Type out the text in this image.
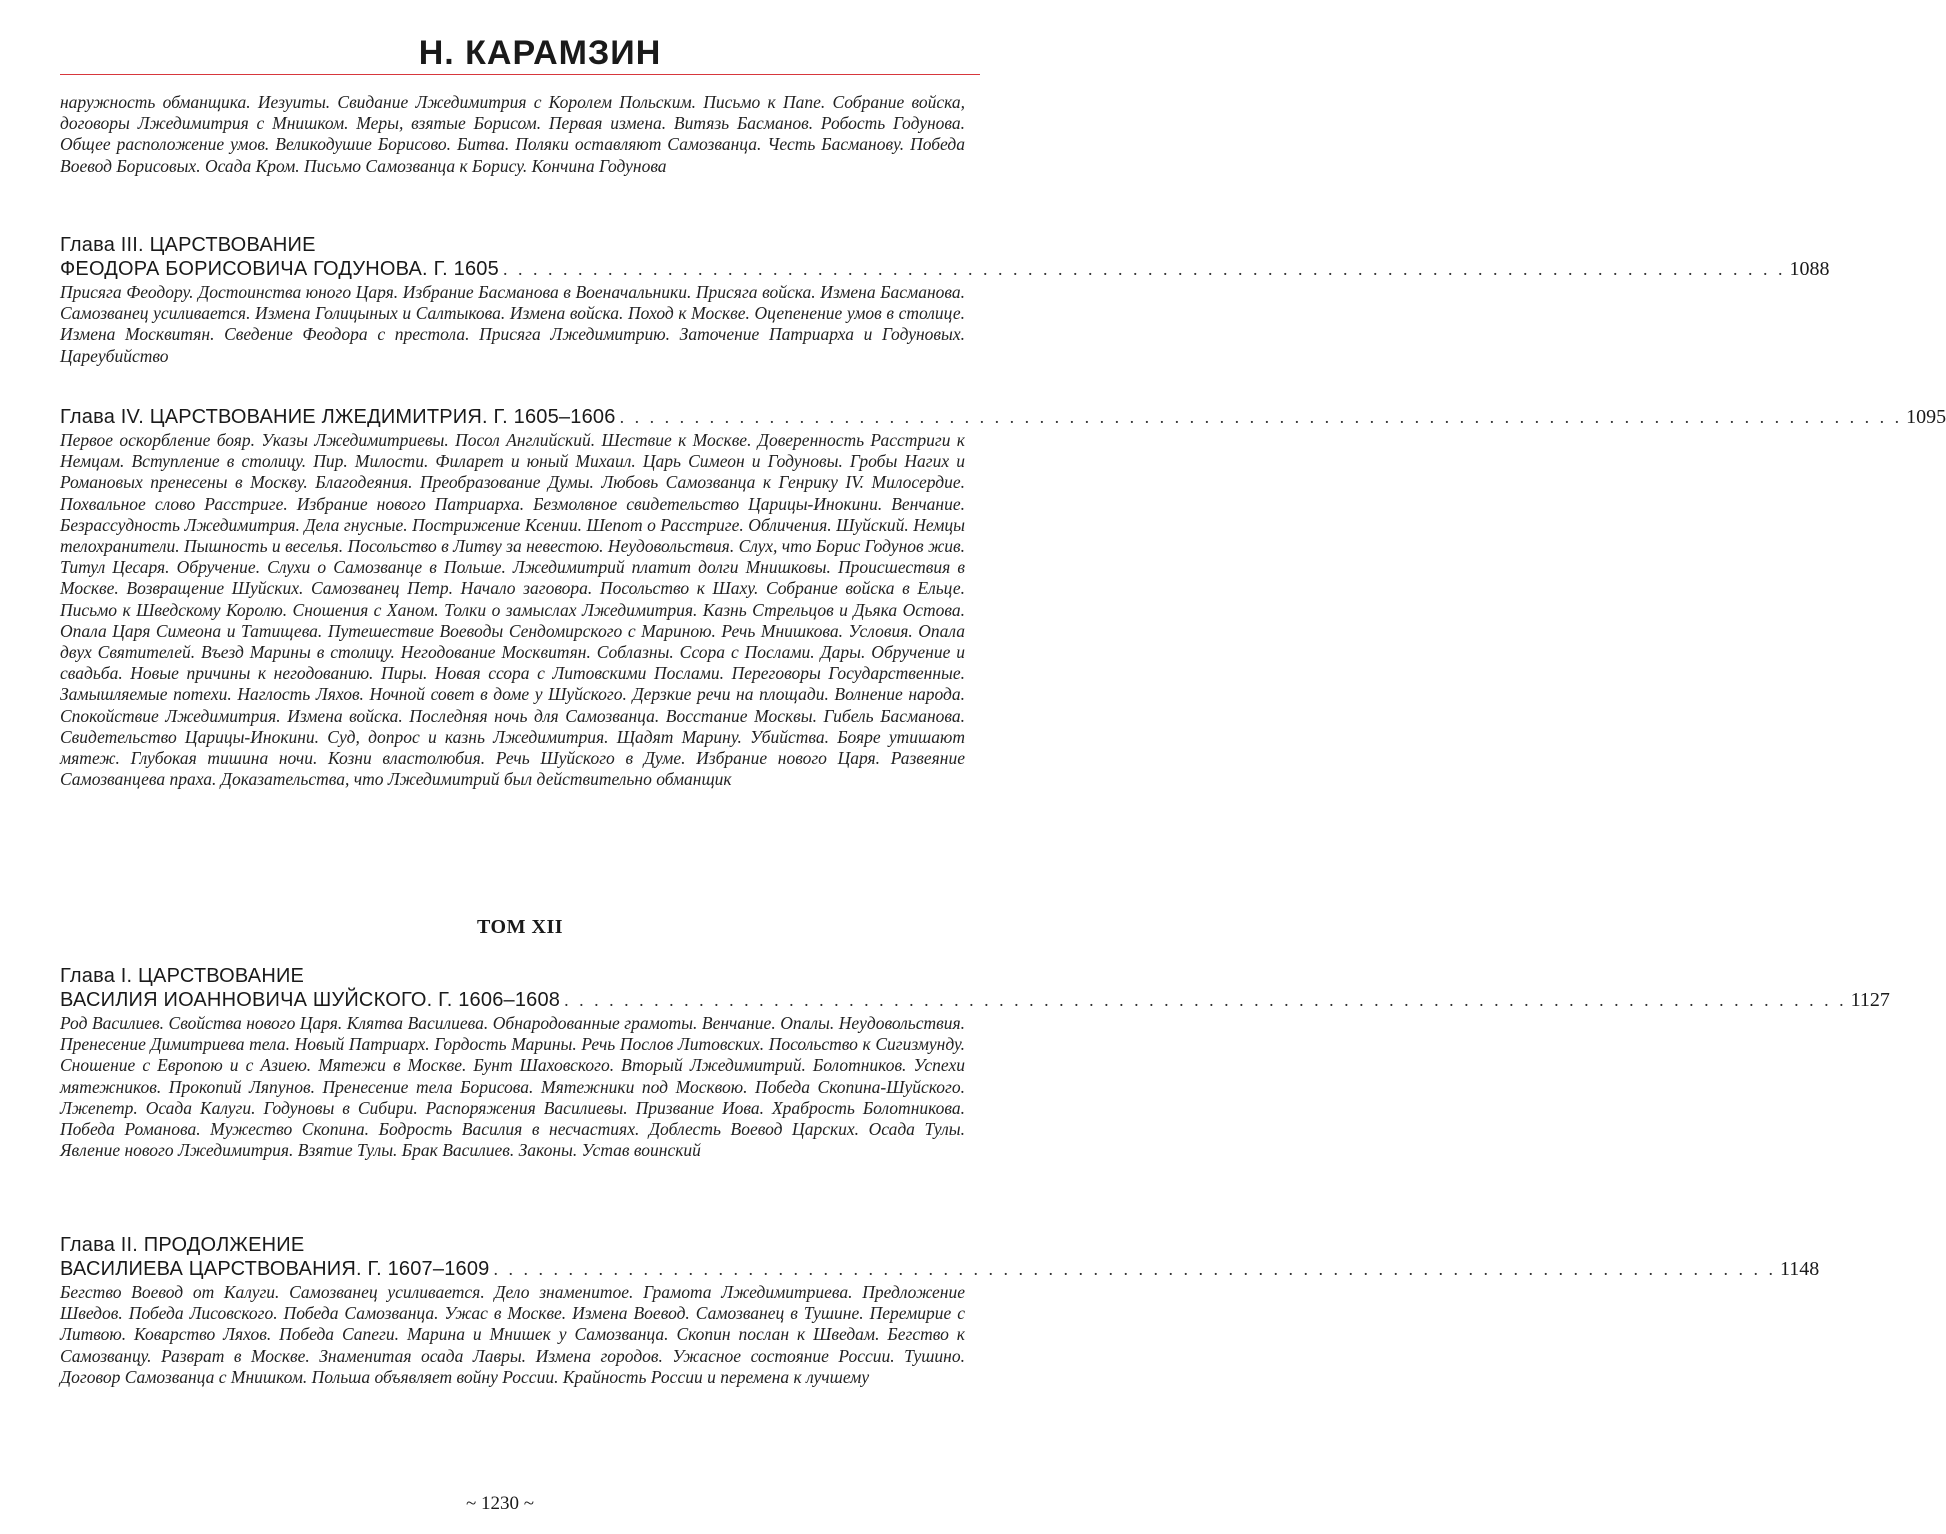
Н. КАРАМЗИН

наружность обманщика. Иезуиты. Свидание Лжедимитрия с Королем Польским. Письмо к Папе. Собрание войска, договоры Лжедимитрия с Мнишком. Меры, взятые Борисом. Первая измена. Витязь Басманов. Робость Годунова. Общее расположение умов. Великодушие Борисово. Битва. Поляки оставляют Самозванца. Честь Басманову. Победа Воевод Борисовых. Осада Кром. Письмо Самозванца к Борису. Кончина Годунова

Глава III. ЦАРСТВОВАНИЕ
ФЕОДОРА БОРИСОВИЧА ГОДУНОВА. Г. 1605 . . . . . . . . . . . . . . . . . . . . . . . . . . . . . . . . . . . . . . . . . . . . . . . . . . . . . . . . . . . . . . . . . . . . . . . . . . . . . . . . . . . . . . 1088

Присяга Феодору. Достоинства юного Царя. Избрание Басманова в Военачальники. Присяга войска. Измена Басманова. Самозванец усиливается. Измена Голицыных и Салтыкова. Измена войска. Поход к Москве. Оцепенение умов в столице. Измена Москвитян. Сведение Феодора с престола. Присяга Лжедимитрию. Заточение Патриарха и Годуновых. Цареубийство

Глава IV. ЦАРСТВОВАНИЕ ЛЖЕДИМИТРИЯ. Г. 1605–1606 . . . . . . . . . . . . . . . . . . . . . . . . . . . . . . . . . . . . . . . . . . . . . . . . . . . . . . . . . . . . . . . . . . . . . . . . . . . . . . . . . . . . . . 1095

Первое оскорбление бояр. Указы Лжедимитриевы. Посол Английский. Шествие к Москве. Доверенность Расстриги к Немцам. Вступление в столицу. Пир. Милости. Филарет и юный Михаил. Царь Симеон и Годуновы. Гробы Нагих и Романовых пренесены в Москву. Благодеяния. Преобразование Думы. Любовь Самозванца к Генрику IV. Милосердие. Похвальное слово Расстриге. Избрание нового Патриарха. Безмолвное свидетельство Царицы-Инокини. Венчание. Безрассудность Лжедимитрия. Дела гнусные. Пострижение Ксении. Шепот о Расстриге. Обличения. Шуйский. Немцы телохранители. Пышность и веселья. Посольство в Литву за невестою. Неудовольствия. Слух, что Борис Годунов жив. Титул Цесаря. Обручение. Слухи о Самозванце в Польше. Лжедимитрий платит долги Мнишковы. Происшествия в Москве. Возвращение Шуйских. Самозванец Петр. Начало заговора. Посольство к Шаху. Собрание войска в Ельце. Письмо к Шведскому Королю. Сношения с Ханом. Толки о замыслах Лжедимитрия. Казнь Стрельцов и Дьяка Остова. Опала Царя Симеона и Татищева. Путешествие Воеводы Сендомирского с Мариною. Речь Мнишкова. Условия. Опала двух Святителей. Въезд Марины в столицу. Негодование Москвитян. Соблазны. Ссора с Послами. Дары. Обручение и свадьба. Новые причины к негодованию. Пиры. Новая ссора с Литовскими Послами. Переговоры Государственные. Замышляемые потехи. Наглость Ляхов. Ночной совет в доме у Шуйского. Дерзкие речи на площади. Волнение народа. Спокойствие Лжедимитрия. Измена войска. Последняя ночь для Самозванца. Восстание Москвы. Гибель Басманова. Свидетельство Царицы-Инокини. Суд, допрос и казнь Лжедимитрия. Щадят Марину. Убийства. Бояре утишают мятеж. Глубокая тишина ночи. Козни властолюбия. Речь Шуйского в Думе. Избрание нового Царя. Развеяние Самозванцева праха. Доказательства, что Лжедимитрий был действительно обманщик

ТОМ XII
Глава I. ЦАРСТВОВАНИЕ
ВАСИЛИЯ ИОАННОВИЧА ШУЙСКОГО. Г. 1606–1608 . . . . . . . . . . . . . . . . . . . . . . . . . . . . . . . . . . . . . . . . . . . . . . . . . . . . . . . . . . . . . . . . . . . . . . . . . . . . . . . . . . . . . . 1127

Род Василиев. Свойства нового Царя. Клятва Василиева. Обнародованные грамоты. Венчание. Опалы. Неудовольствия. Пренесение Димитриева тела. Новый Патриарх. Гордость Марины. Речь Послов Литовских. Посольство к Сигизмунду. Сношение с Европою и с Азиею. Мятежи в Москве. Бунт Шаховского. Вторый Лжедимитрий. Болотников. Успехи мятежников. Прокопий Ляпунов. Пренесение тела Борисова. Мятежники под Москвою. Победа Скопина-Шуйского. Лжепетр. Осада Калуги. Годуновы в Сибири. Распоряжения Василиевы. Призвание Иова. Храбрость Болотникова. Победа Романова. Мужество Скопина. Бодрость Василия в несчастиях. Доблесть Воевод Царских. Осада Тулы. Явление нового Лжедимитрия. Взятие Тулы. Брак Василиев. Законы. Устав воинский

Глава II. ПРОДОЛЖЕНИЕ
ВАСИЛИЕВА ЦАРСТВОВАНИЯ. Г. 1607–1609 . . . . . . . . . . . . . . . . . . . . . . . . . . . . . . . . . . . . . . . . . . . . . . . . . . . . . . . . . . . . . . . . . . . . . . . . . . . . . . . . . . . . . . 1148

Бегство Воевод от Калуги. Самозванец усиливается. Дело знаменитое. Грамота Лжедимитриева. Предложение Шведов. Победа Лисовского. Победа Самозванца. Ужас в Москве. Измена Воевод. Самозванец в Тушине. Перемирие с Литвою. Коварство Ляхов. Победа Сапеги. Марина и Мнишек у Самозванца. Скопин послан к Шведам. Бегство к Самозванцу. Разврат в Москве. Знаменитая осада Лавры. Измена городов. Ужасное состояние России. Тушино. Договор Самозванца с Мнишком. Польша объявляет войну России. Крайность России и перемена к лучшему

~ 1230 ~
